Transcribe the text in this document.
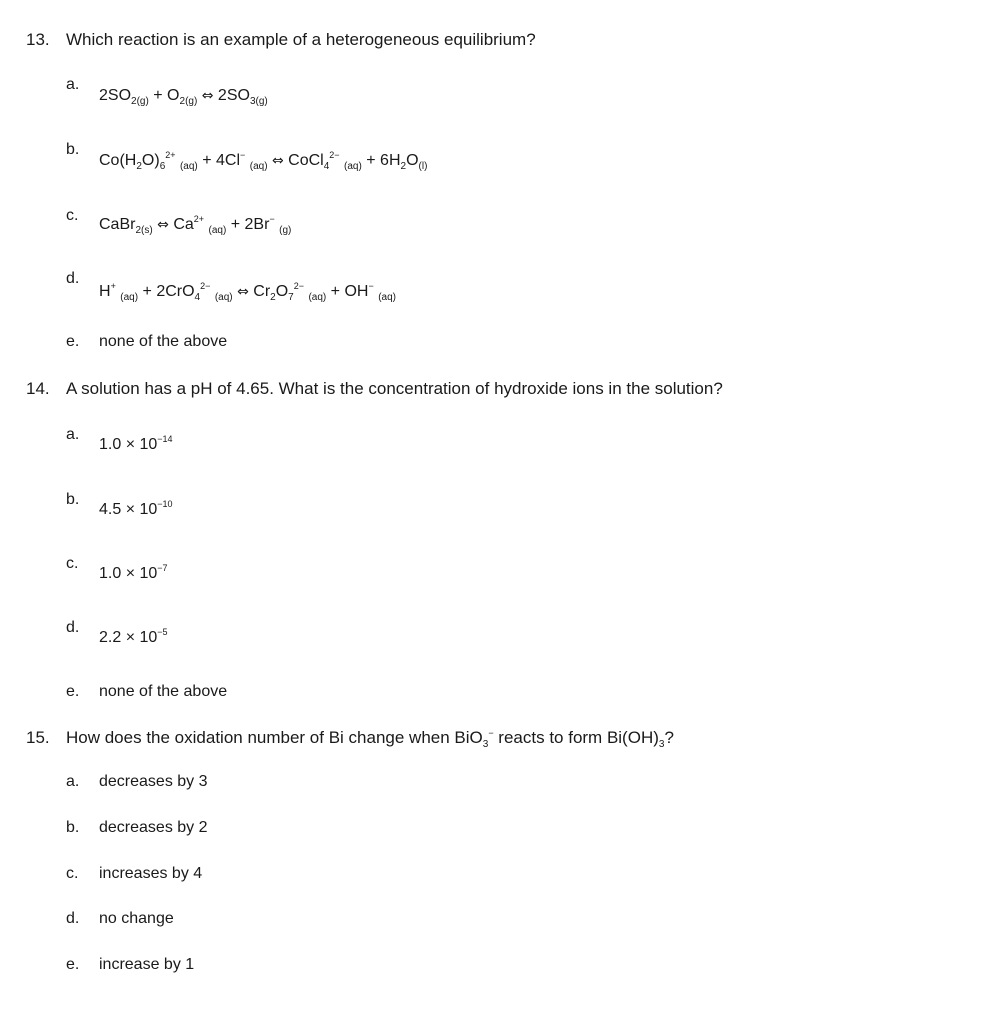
13. Which reaction is an example of a heterogeneous equilibrium?
a.
$2SO_{2(g)} + O_{2(g)}$ ⇔ $2SO_{3(g)}$
b.
$Co(H_2O)_6^{2+}$ $_{(aq)}$ + 4Cl− $_{(aq)}$ ⇔ CoCl$_4^{2-}$ $_{(aq)} + 6H_2O_{(l)}$
c.
CaBr$_{2(s)}$ ⇔ $Ca^{2+}$ $_{(aq)}$ + 2Br− $_{(g)}$
d.
H+ $_{(aq)}$ + 2CrO$_4^{2-}$ $_{(aq)}$ ⇔ $Cr_2O_7^{2-}$ $_{(aq)}$ + OH− $_{(aq)}$
e. none of the above
14. A solution has a pH of 4.65. What is the concentration of hydroxide ions in the solution?
a.
$1.0 \times 10^{-14}$
b.
$4.5 \times 10^{-10}$
c.
$1.0 \times 10^{-7}$
d.
$2.2 \times 10^{-5}$
e. none of the above
15. How does the oxidation number of Bi change when BiO$_3$− reacts to form $Bi(OH)_3$?
a. decreases by 3
b. decreases by 2
c. increases by 4
d. no change
e. increase by 1
